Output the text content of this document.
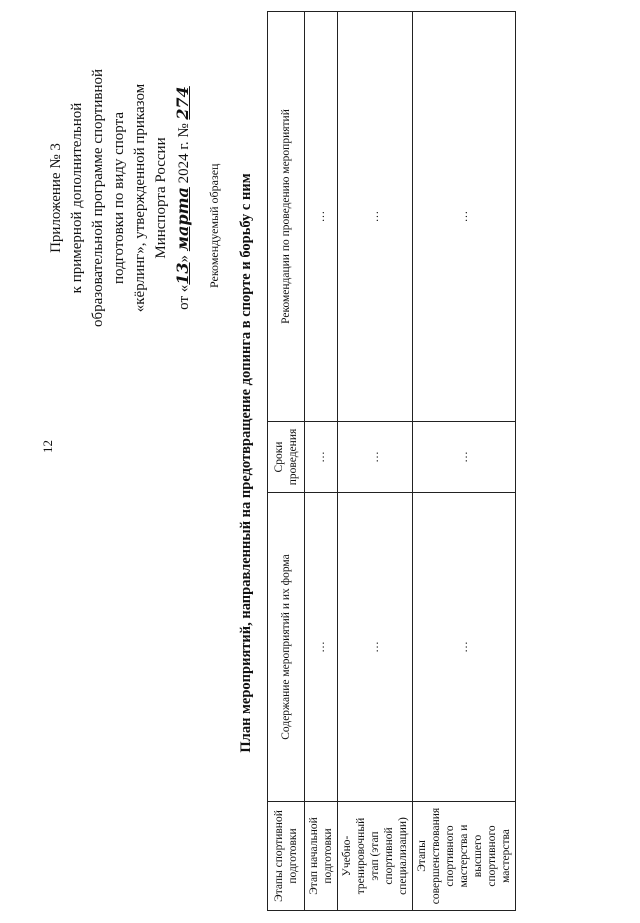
12
Приложение № 3 к примерной дополнительной образовательной программе спортивной подготовки по виду спорта «кёрлинг», утвержденной приказом Минспорта России
от «13» марта 2024 г. № 274
Рекомендуемый образец План мероприятий, направленный на предотвращение допинга в спорте и борьбу с ним
Этапы спортивной подготовки	Содержание мероприятий и их форма	Сроки проведения	Рекомендации по проведению мероприятий
Этап начальной подготовки	…	…	…
Учебно-тренировочный этап (этап спортивной специализации)	…	…	…
Этапы совершенствования спортивного мастерства и высшего спортивного мастерства	…	…	…
